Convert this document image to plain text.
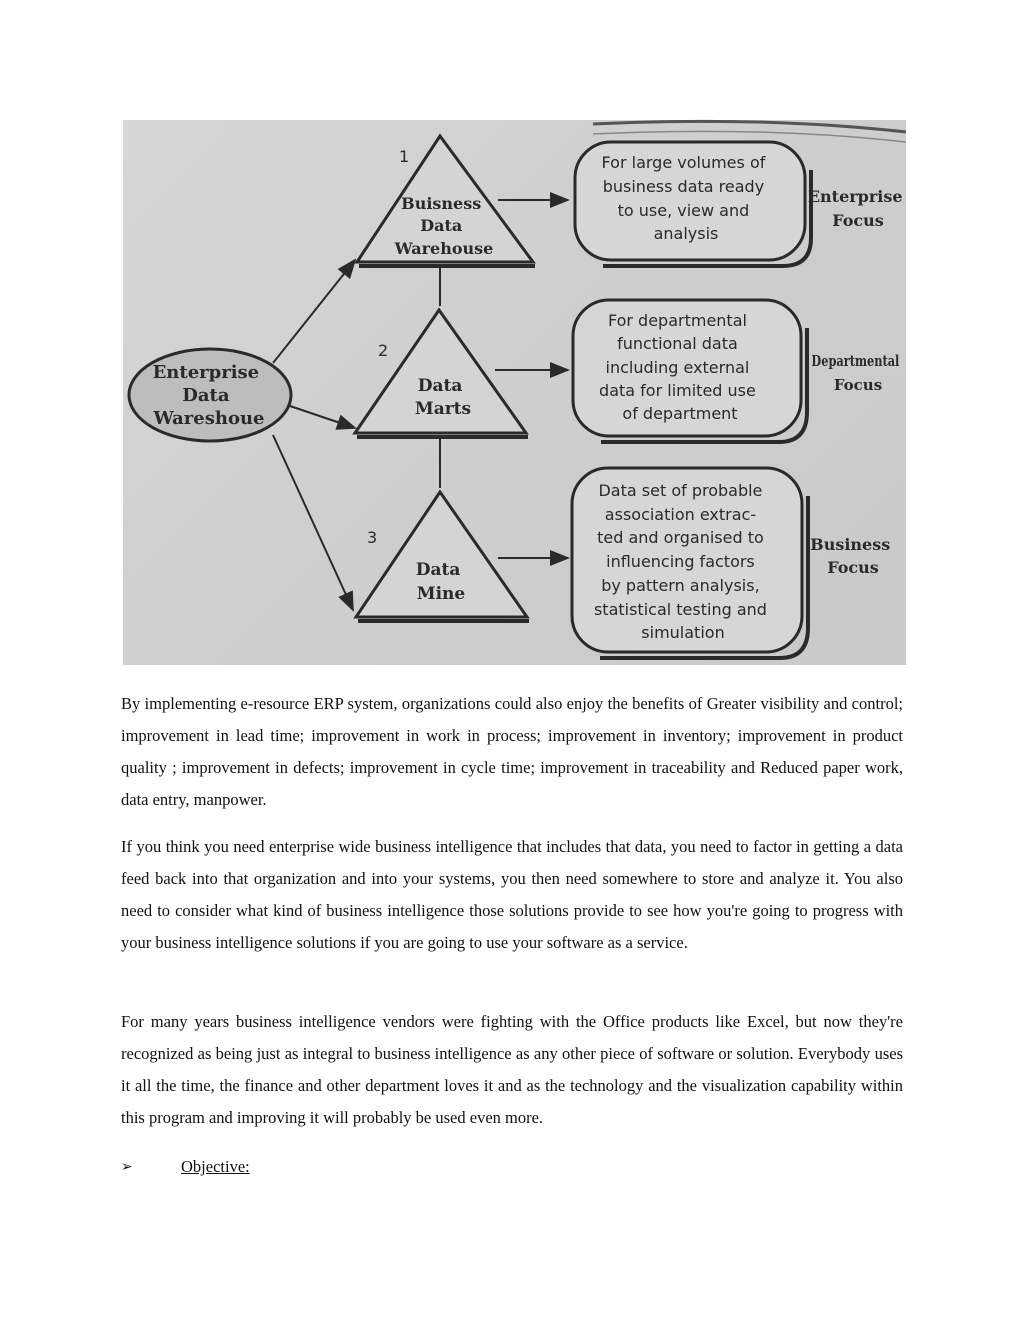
Enterprise Data Wareshoue
1
Buisness Data Warehouse
For large volumes of business data ready to use, view and analysis
Enterprise Focus
2
Data Marts
For departmental functional data including external data for limited use of department
Departmental Focus
3
Data Mine
Data set of probable association extrac- ted and organised to influencing factors by pattern analysis, statistical testing and simulation
Business Focus

By implementing e-resource ERP system, organizations could also enjoy the benefits of Greater visibility and control; improvement in lead time; improvement in work in process; improvement in inventory; improvement in product quality ; improvement in defects; improvement in cycle time; improvement in traceability and Reduced paper work, data entry, manpower.

If you think you need enterprise wide business intelligence that includes that data, you need to factor in getting a data feed back into that organization and into your systems, you then need somewhere to store and analyze it. You also need to consider what kind of business intelligence those solutions provide to see how you're going to progress with your business intelligence solutions if you are going to use your software as a service.

For many years business intelligence vendors were fighting with the Office products like Excel, but now they're recognized as being just as integral to business intelligence as any other piece of software or solution. Everybody uses it all the time, the finance and other department loves it and as the technology and the visualization capability within this program and improving it will probably be used even more.

➢	Objective:
